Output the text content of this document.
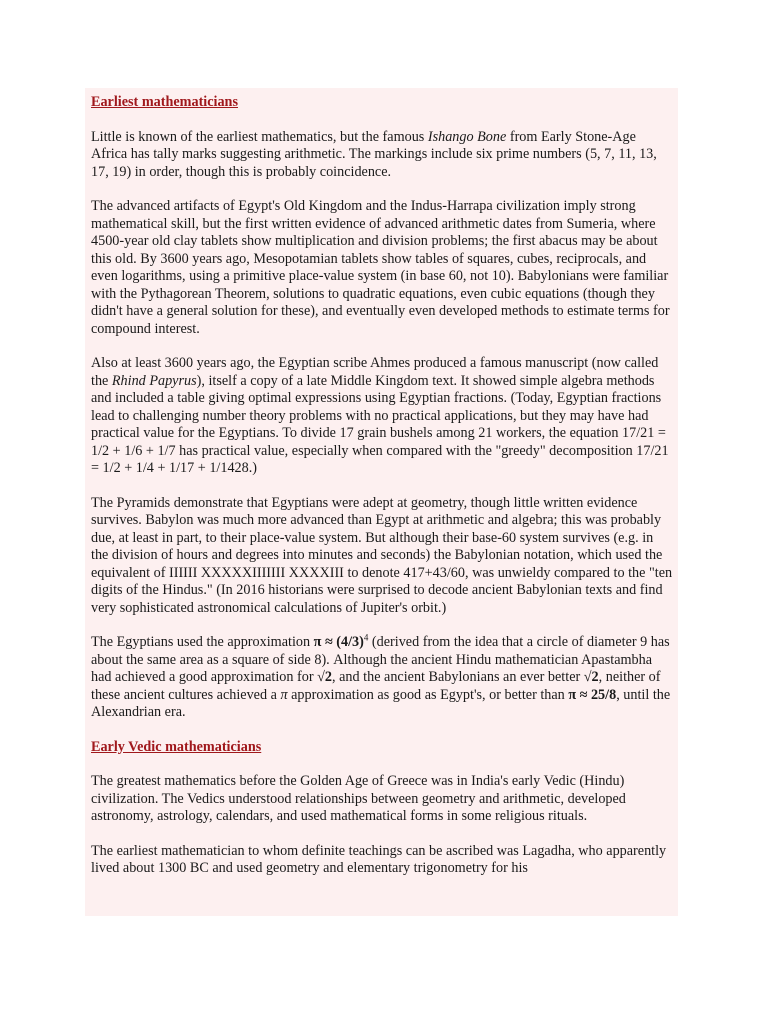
Earliest mathematicians

Little is known of the earliest mathematics, but the famous Ishango Bone from Early Stone-Age Africa has tally marks suggesting arithmetic. The markings include six prime numbers (5, 7, 11, 13, 17, 19) in order, though this is probably coincidence.

The advanced artifacts of Egypt's Old Kingdom and the Indus-Harrapa civilization imply strong mathematical skill, but the first written evidence of advanced arithmetic dates from Sumeria, where 4500-year old clay tablets show multiplication and division problems; the first abacus may be about this old. By 3600 years ago, Mesopotamian tablets show tables of squares, cubes, reciprocals, and even logarithms, using a primitive place-value system (in base 60, not 10). Babylonians were familiar with the Pythagorean Theorem, solutions to quadratic equations, even cubic equations (though they didn't have a general solution for these), and eventually even developed methods to estimate terms for compound interest.

Also at least 3600 years ago, the Egyptian scribe Ahmes produced a famous manuscript (now called the Rhind Papyrus), itself a copy of a late Middle Kingdom text. It showed simple algebra methods and included a table giving optimal expressions using Egyptian fractions. (Today, Egyptian fractions lead to challenging number theory problems with no practical applications, but they may have had practical value for the Egyptians. To divide 17 grain bushels among 21 workers, the equation 17/21 = 1/2 + 1/6 + 1/7 has practical value, especially when compared with the "greedy" decomposition 17/21 = 1/2 + 1/4 + 1/17 + 1/1428.)

The Pyramids demonstrate that Egyptians were adept at geometry, though little written evidence survives. Babylon was much more advanced than Egypt at arithmetic and algebra; this was probably due, at least in part, to their place-value system. But although their base-60 system survives (e.g. in the division of hours and degrees into minutes and seconds) the Babylonian notation, which used the equivalent of IIIIII XXXXXIIIIIII XXXXIII to denote 417+43/60, was unwieldy compared to the "ten digits of the Hindus." (In 2016 historians were surprised to decode ancient Babylonian texts and find very sophisticated astronomical calculations of Jupiter's orbit.)

The Egyptians used the approximation $\pi \approx (4/3)^4$ (derived from the idea that a circle of diameter 9 has about the same area as a square of side 8). Although the ancient Hindu mathematician Apastambha had achieved a good approximation for √2, and the ancient Babylonians an ever better √2, neither of these ancient cultures achieved a π approximation as good as Egypt's, or better than π ≈ 25/8, until the Alexandrian era.

Early Vedic mathematicians

The greatest mathematics before the Golden Age of Greece was in India's early Vedic (Hindu) civilization. The Vedics understood relationships between geometry and arithmetic, developed astronomy, astrology, calendars, and used mathematical forms in some religious rituals.

The earliest mathematician to whom definite teachings can be ascribed was Lagadha, who apparently lived about 1300 BC and used geometry and elementary trigonometry for his
